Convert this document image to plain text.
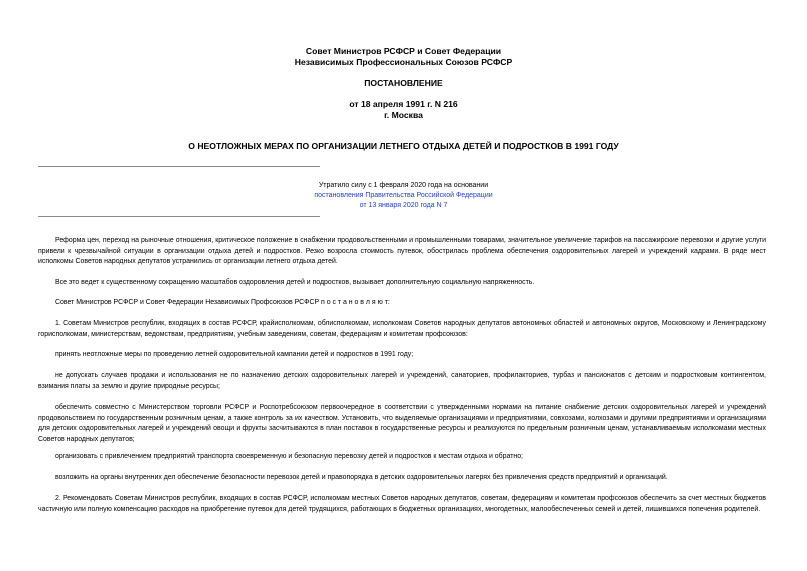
Совет Министров РСФСР и Совет Федерации
Независимых Профессиональных Союзов РСФСР
ПОСТАНОВЛЕНИЕ
от 18 апреля 1991 г. N 216
г. Москва
О НЕОТЛОЖНЫХ МЕРАХ ПО ОРГАНИЗАЦИИ ЛЕТНЕГО ОТДЫХА ДЕТЕЙ И ПОДРОСТКОВ В 1991 ГОДУ
Утратило силу с 1 февраля 2020 года на основании
постановления Правительства Российской Федерации
от 13 января 2020 года N 7

Реформа цен, переход на рыночные отношения, критическое положение в снабжении продовольственными и промышленными товарами, значительное увеличение тарифов на пассажирские перевозки и другие услуги привели к чрезвычайной ситуации в организации отдыха детей и подростков. Резко возросла стоимость путевок, обострилась проблема обеспечения оздоровительных лагерей и учреждений кадрами. В ряде мест исполкомы Советов народных депутатов устранились от организации летнего отдыха детей.

Все это ведет к существенному сокращению масштабов оздоровления детей и подростков, вызывает дополнительную социальную напряженность.

Совет Министров РСФСР и Совет Федерации Независимых Профсоюзов РСФСР п о с т а н о в л я ю т:

1. Советам Министров республик, входящих в состав РСФСР, крайисполкомам, облисполкомам, исполкомам Советов народных депутатов автономных областей и автономных округов, Московскому и Ленинградскому горисполкомам, министерствам, ведомствам, предприятиям, учебным заведениям, советам, федерациям и комитетам профсоюзов:

принять неотложные меры по проведению летней оздоровительной кампании детей и подростков в 1991 году;

не допускать случаев продажи и использования не по назначению детских оздоровительных лагерей и учреждений, санаториев, профилакториев, турбаз и пансионатов с детским и подростковым контингентом, взимания платы за землю и другие природные ресурсы;

обеспечить совместно с Министерством торговли РСФСР и Роспотребсоюзом первоочередное в соответствии с утвержденными нормами на питание снабжение детских оздоровительных лагерей и учреждений продовольствием по государственным розничным ценам, а также контроль за их качеством. Установить, что выделяемые организациями и предприятиями, совхозами, колхозами и другими предприятиями и организациями для детских оздоровительных лагерей и учреждений овощи и фрукты засчитываются в план поставок в государственные ресурсы и реализуются по предельным розничным ценам, устанавливаемым исполкомами местных Советов народных депутатов;

организовать с привлечением предприятий транспорта своевременную и безопасную перевозку детей и подростков к местам отдыха и обратно;

возложить на органы внутренних дел обеспечение безопасности перевозок детей и правопорядка в детских оздоровительных лагерях без привлечения средств предприятий и организаций.

2. Рекомендовать Советам Министров республик, входящих в состав РСФСР, исполкомам местных Советов народных депутатов, советам, федерациям и комитетам профсоюзов обеспечить за счет местных бюджетов частичную или полную компенсацию расходов на приобретение путевок для детей трудящихся, работающих в бюджетных организациях, многодетных, малообеспеченных семей и детей, лишившихся попечения родителей.
